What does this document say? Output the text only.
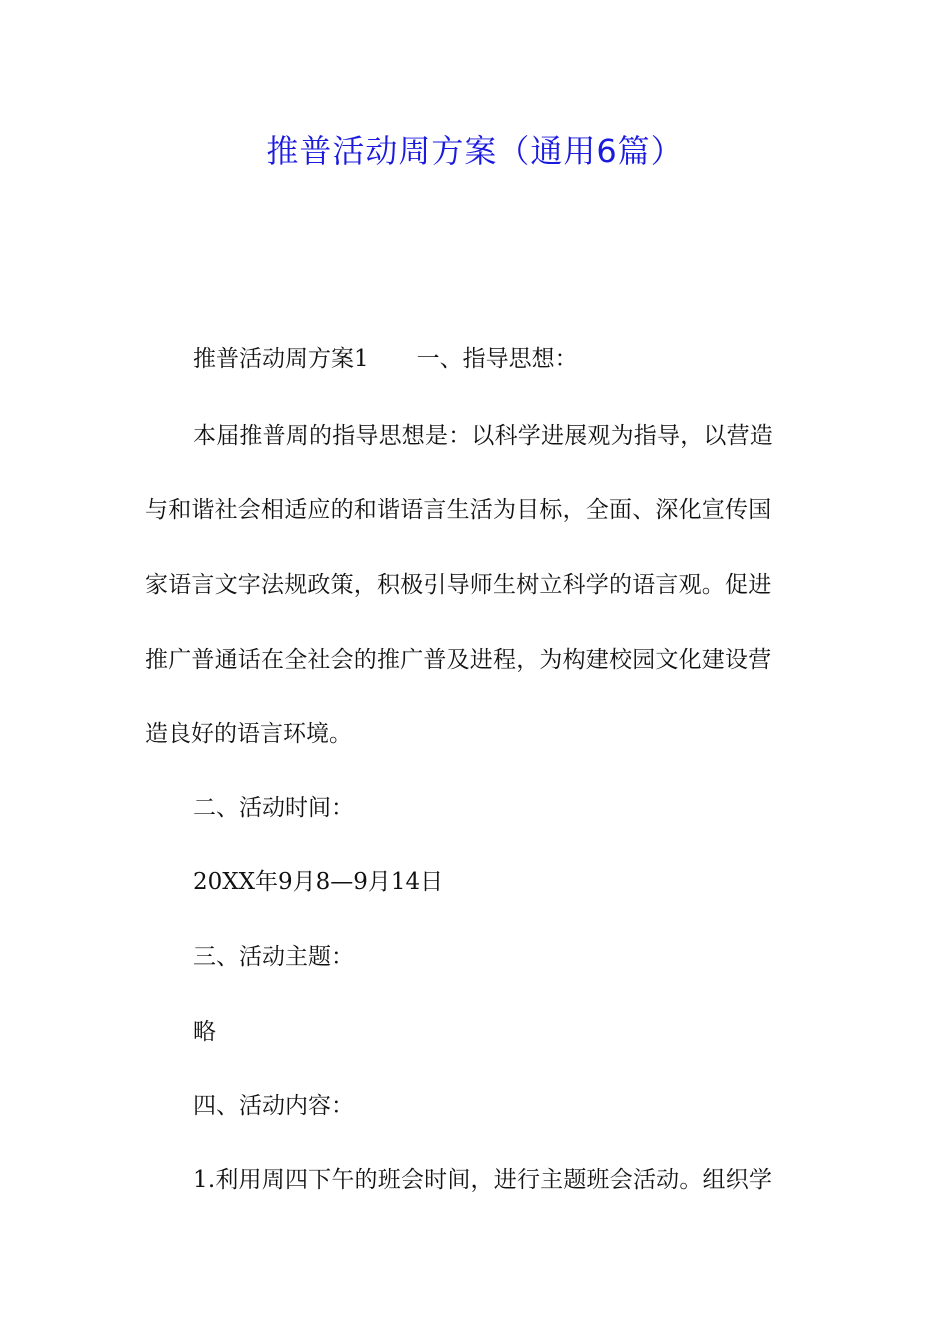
推普活动周方案（通用6篇）
推普活动周方案1 一、指导思想：
本届推普周的指导思想是：以科学进展观为指导，以营造
与和谐社会相适应的和谐语言生活为目标，全面、深化宣传国
家语言文字法规政策，积极引导师生树立科学的语言观。促进
推广普通话在全社会的推广普及进程，为构建校园文化建设营
造良好的语言环境。
二、活动时间：
20XX年9月8—9月14日
三、活动主题：
略
四、活动内容：
1.利用周四下午的班会时间，进行主题班会活动。组织学
